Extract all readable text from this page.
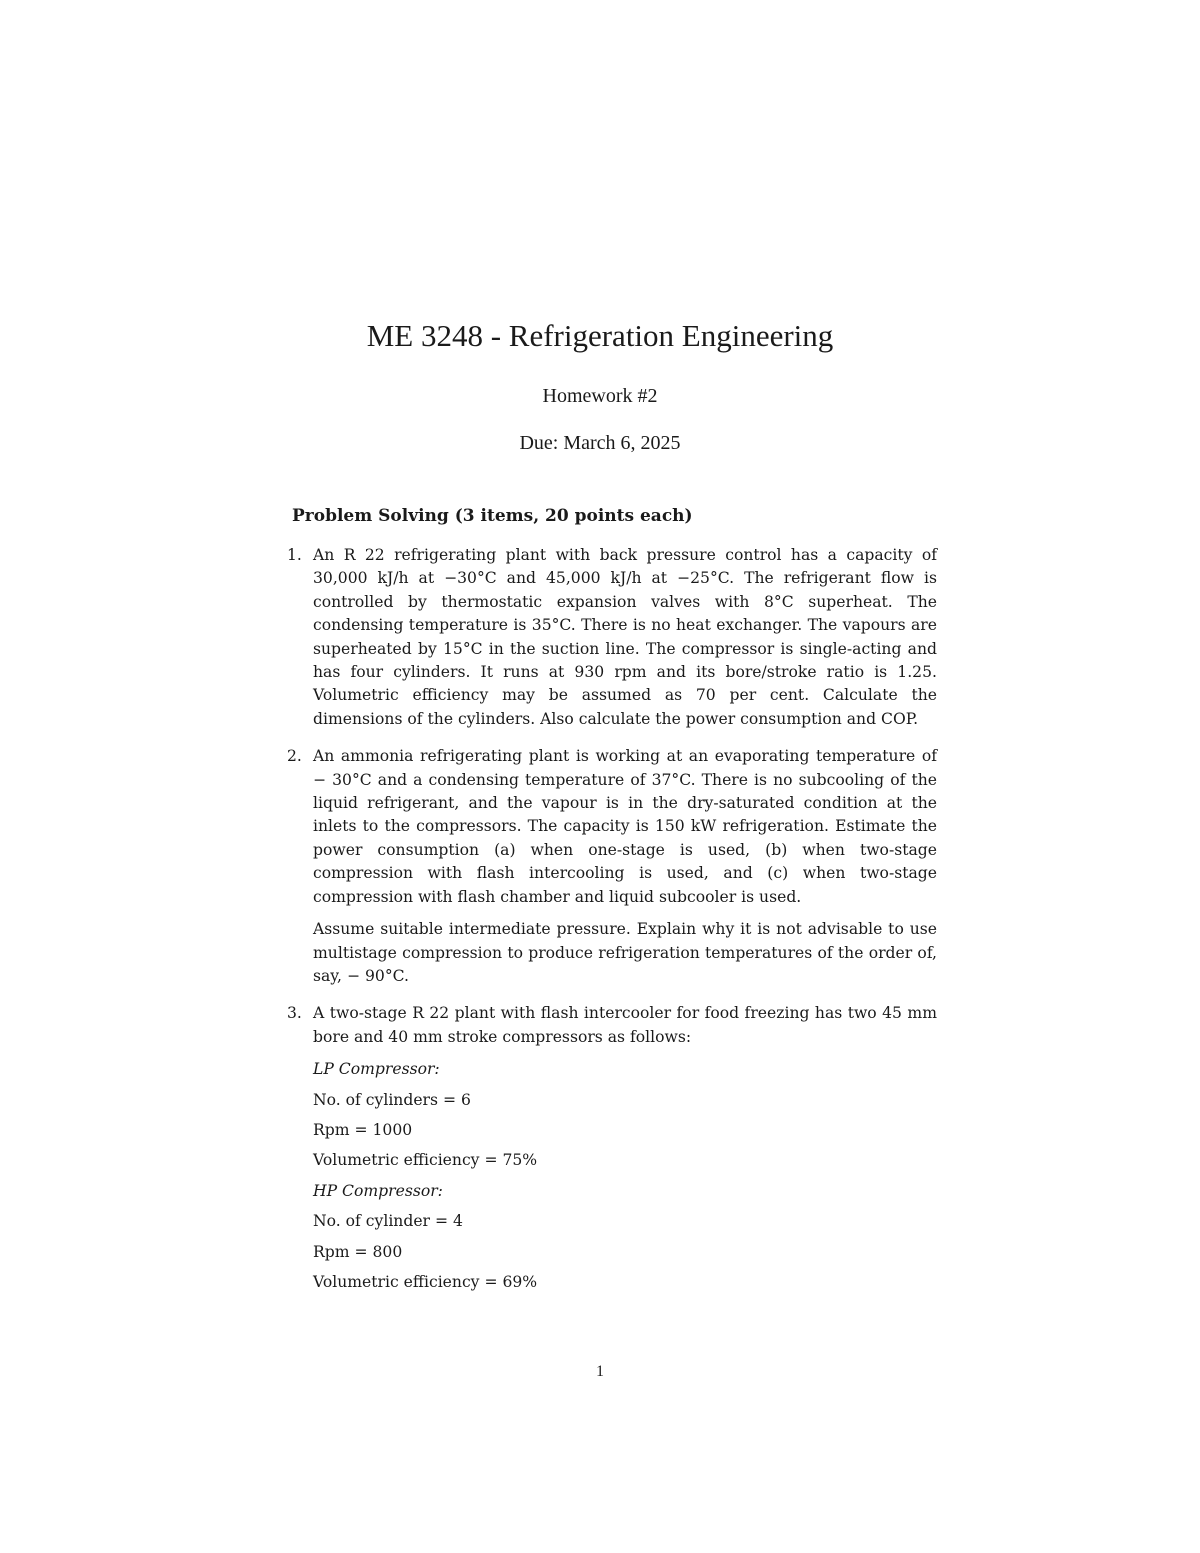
ME 3248 - Refrigeration Engineering
Homework #2
Due: March 6, 2025
Problem Solving (3 items, 20 points each)
1. An R 22 refrigerating plant with back pressure control has a capacity of 30,000 kJ/h at −30°C and 45,000 kJ/h at −25°C. The refrigerant flow is controlled by thermostatic expansion valves with 8°C superheat. The condensing temperature is 35°C. There is no heat exchanger. The vapours are superheated by 15°C in the suction line. The compressor is single-acting and has four cylinders. It runs at 930 rpm and its bore/stroke ratio is 1.25. Volumetric efficiency may be assumed as 70 per cent. Calculate the dimensions of the cylinders. Also calculate the power consumption and COP.

2. An ammonia refrigerating plant is working at an evaporating temperature of − 30°C and a condensing temperature of 37°C. There is no subcooling of the liquid refrigerant, and the vapour is in the dry-saturated condition at the inlets to the compressors. The capacity is 150 kW refrigeration. Estimate the power consumption (a) when one-stage is used, (b) when two-stage compression with flash intercooling is used, and (c) when two-stage compression with flash chamber and liquid subcooler is used.

Assume suitable intermediate pressure. Explain why it is not advisable to use multistage compression to produce refrigeration temperatures of the order of, say, − 90°C.

3. A two-stage R 22 plant with flash intercooler for food freezing has two 45 mm bore and 40 mm stroke compressors as follows:

LP Compressor:

No. of cylinders = 6

Rpm = 1000

Volumetric efficiency = 75%

HP Compressor:

No. of cylinder = 4

Rpm = 800

Volumetric efficiency = 69%

1
